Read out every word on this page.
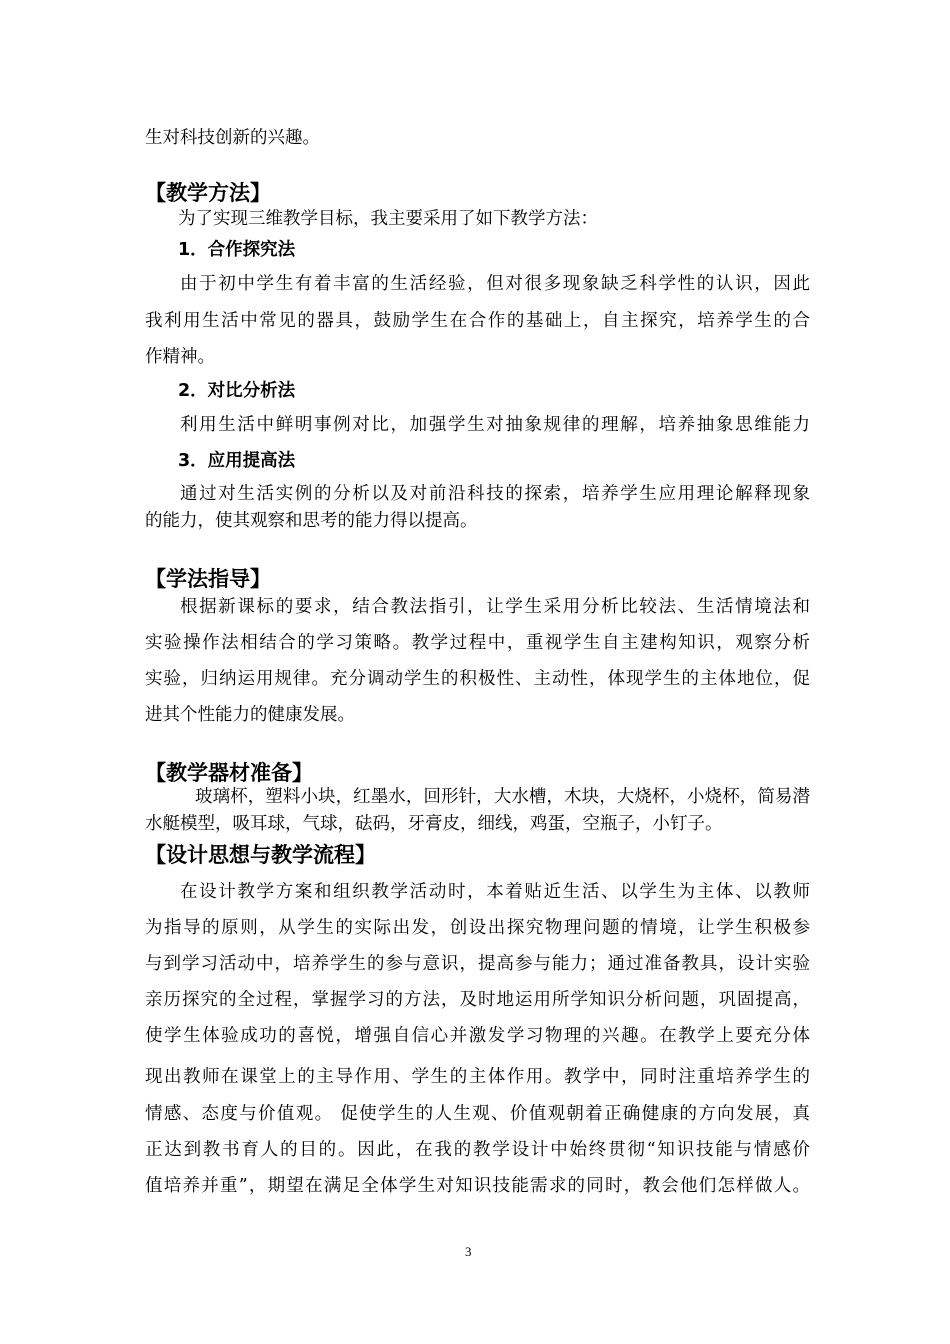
生对科技创新的兴趣。
【教学方法】
为了实现三维教学目标，我主要采用了如下教学方法：
1．合作探究法
由于初中学生有着丰富的生活经验，但对很多现象缺乏科学性的认识，因此
我利用生活中常见的器具，鼓励学生在合作的基础上，自主探究，培养学生的合
作精神。
2．对比分析法
利用生活中鲜明事例对比，加强学生对抽象规律的理解，培养抽象思维能力
3．应用提高法
通过对生活实例的分析以及对前沿科技的探索，培养学生应用理论解释现象
的能力，使其观察和思考的能力得以提高。
【学法指导】
根据新课标的要求，结合教法指引，让学生采用分析比较法、生活情境法和
实验操作法相结合的学习策略。教学过程中，重视学生自主建构知识，观察分析
实验，归纳运用规律。充分调动学生的积极性、主动性，体现学生的主体地位，促
进其个性能力的健康发展。
【教学器材准备】
玻璃杯，塑料小块，红墨水，回形针，大水槽，木块，大烧杯，小烧杯，简易潜
水艇模型，吸耳球，气球，砝码，牙膏皮，细线，鸡蛋，空瓶子，小钉子。
【设计思想与教学流程】
在设计教学方案和组织教学活动时，本着贴近生活、以学生为主体、以教师
为指导的原则，从学生的实际出发，创设出探究物理问题的情境，让学生积极参
与到学习活动中，培养学生的参与意识，提高参与能力；通过准备教具，设计实验
亲历探究的全过程，掌握学习的方法，及时地运用所学知识分析问题，巩固提高，
使学生体验成功的喜悦，增强自信心并激发学习物理的兴趣。在教学上要充分体
现出教师在课堂上的主导作用、学生的主体作用。教学中，同时注重培养学生的
情感、态度与价值观。 促使学生的人生观、价值观朝着正确健康的方向发展，真
正达到教书育人的目的。因此，在我的教学设计中始终贯彻“知识技能与情感价
值培养并重”，期望在满足全体学生对知识技能需求的同时，教会他们怎样做人。
3
